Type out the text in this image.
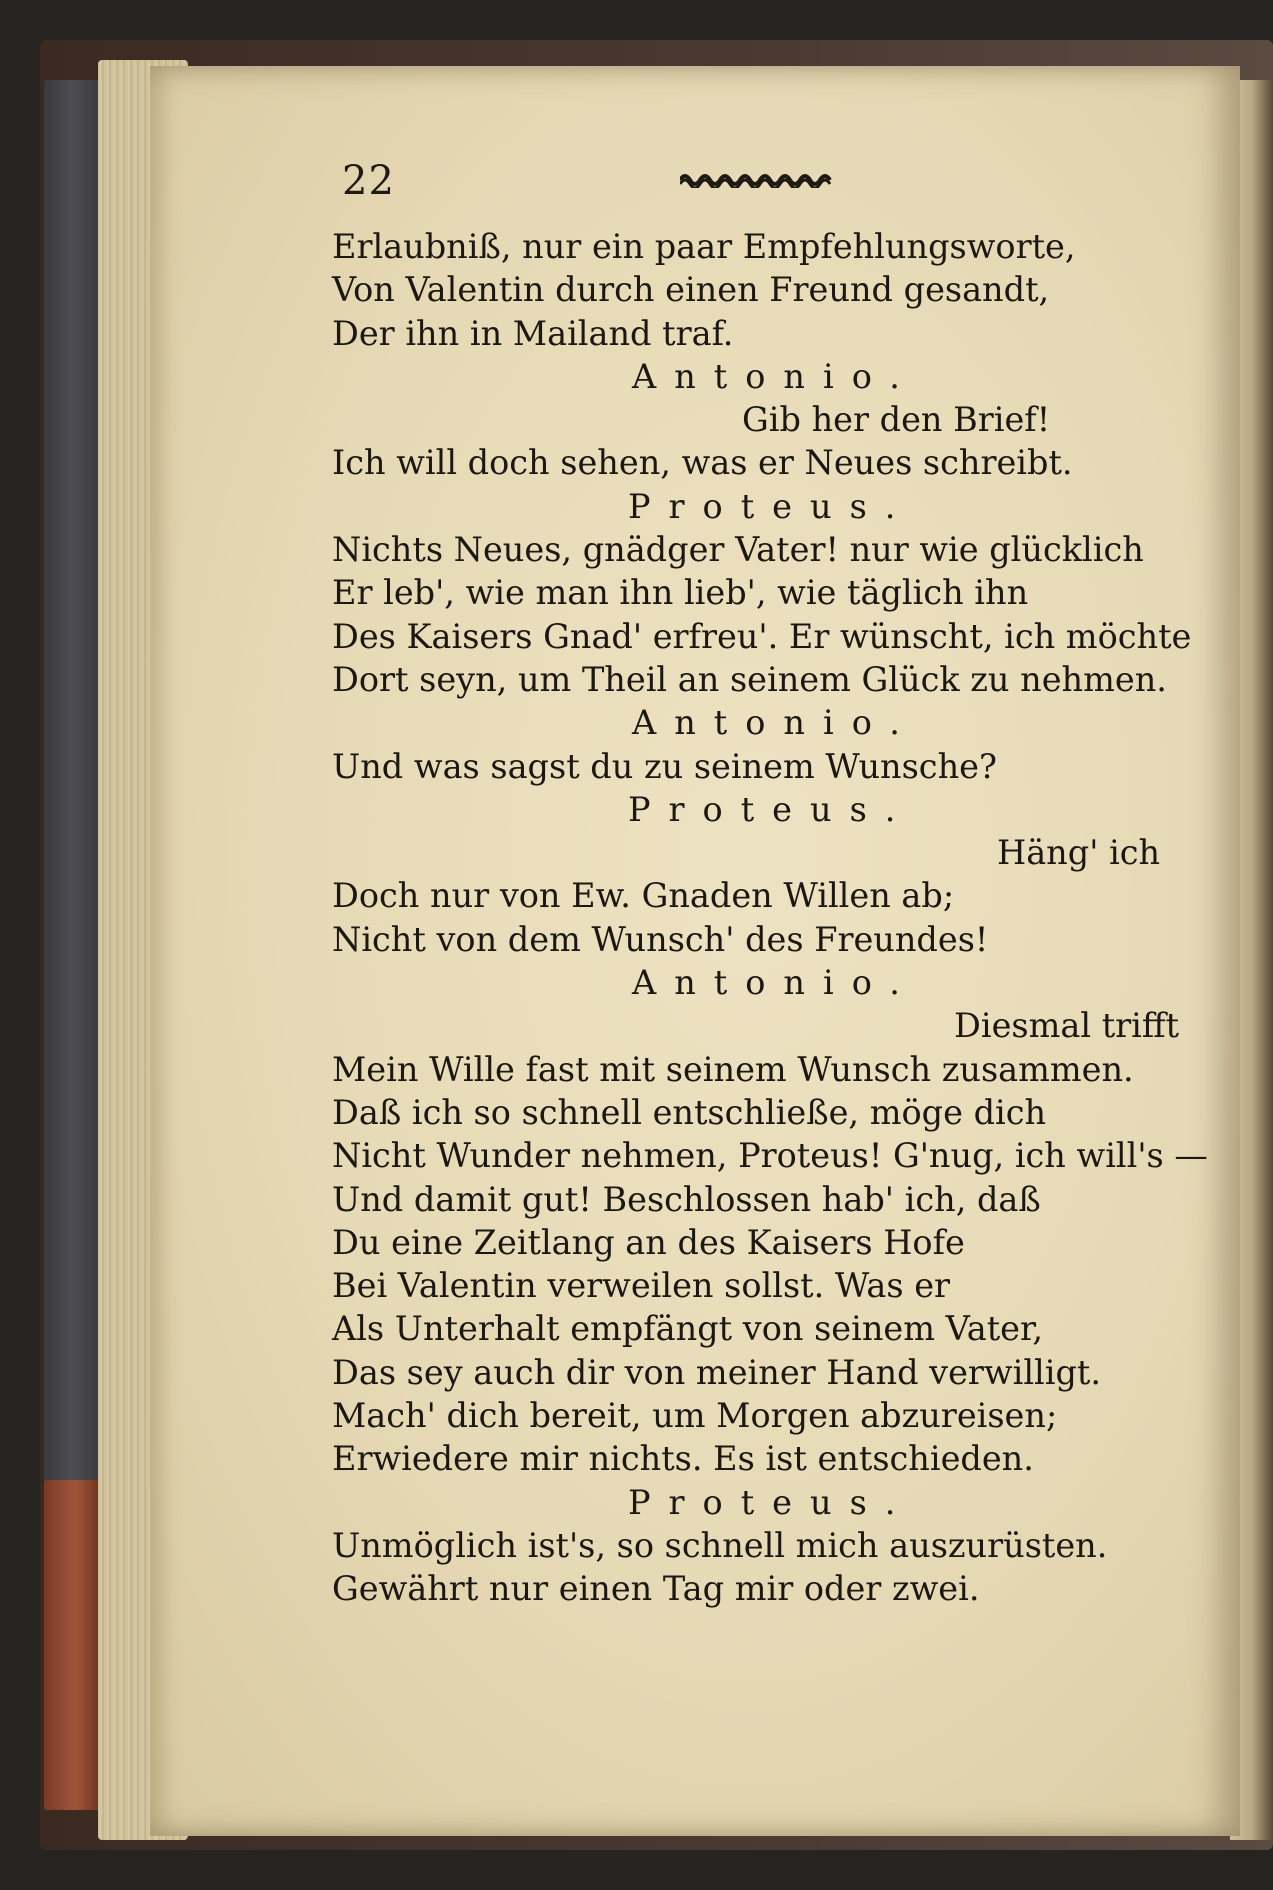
22
Erlaubniß, nur ein paar Empfehlungsworte,
Von Valentin durch einen Freund gesandt,
Der ihn in Mailand traf.
Antonio.
Gib her den Brief!
Ich will doch sehen, was er Neues schreibt.
Proteus.
Nichts Neues, gnädger Vater! nur wie glücklich
Er leb', wie man ihn lieb', wie täglich ihn
Des Kaisers Gnad' erfreu'. Er wünscht, ich möchte
Dort seyn, um Theil an seinem Glück zu nehmen.
Antonio.
Und was sagst du zu seinem Wunsche?
Proteus.
Häng' ich
Doch nur von Ew. Gnaden Willen ab;
Nicht von dem Wunsch' des Freundes!
Antonio.
Diesmal trifft
Mein Wille fast mit seinem Wunsch zusammen.
Daß ich so schnell entschließe, möge dich
Nicht Wunder nehmen, Proteus! G'nug, ich will's —
Und damit gut! Beschlossen hab' ich, daß
Du eine Zeitlang an des Kaisers Hofe
Bei Valentin verweilen sollst. Was er
Als Unterhalt empfängt von seinem Vater,
Das sey auch dir von meiner Hand verwilligt.
Mach' dich bereit, um Morgen abzureisen;
Erwiedere mir nichts. Es ist entschieden.
Proteus.
Unmöglich ist's, so schnell mich auszurüsten.
Gewährt nur einen Tag mir oder zwei.
